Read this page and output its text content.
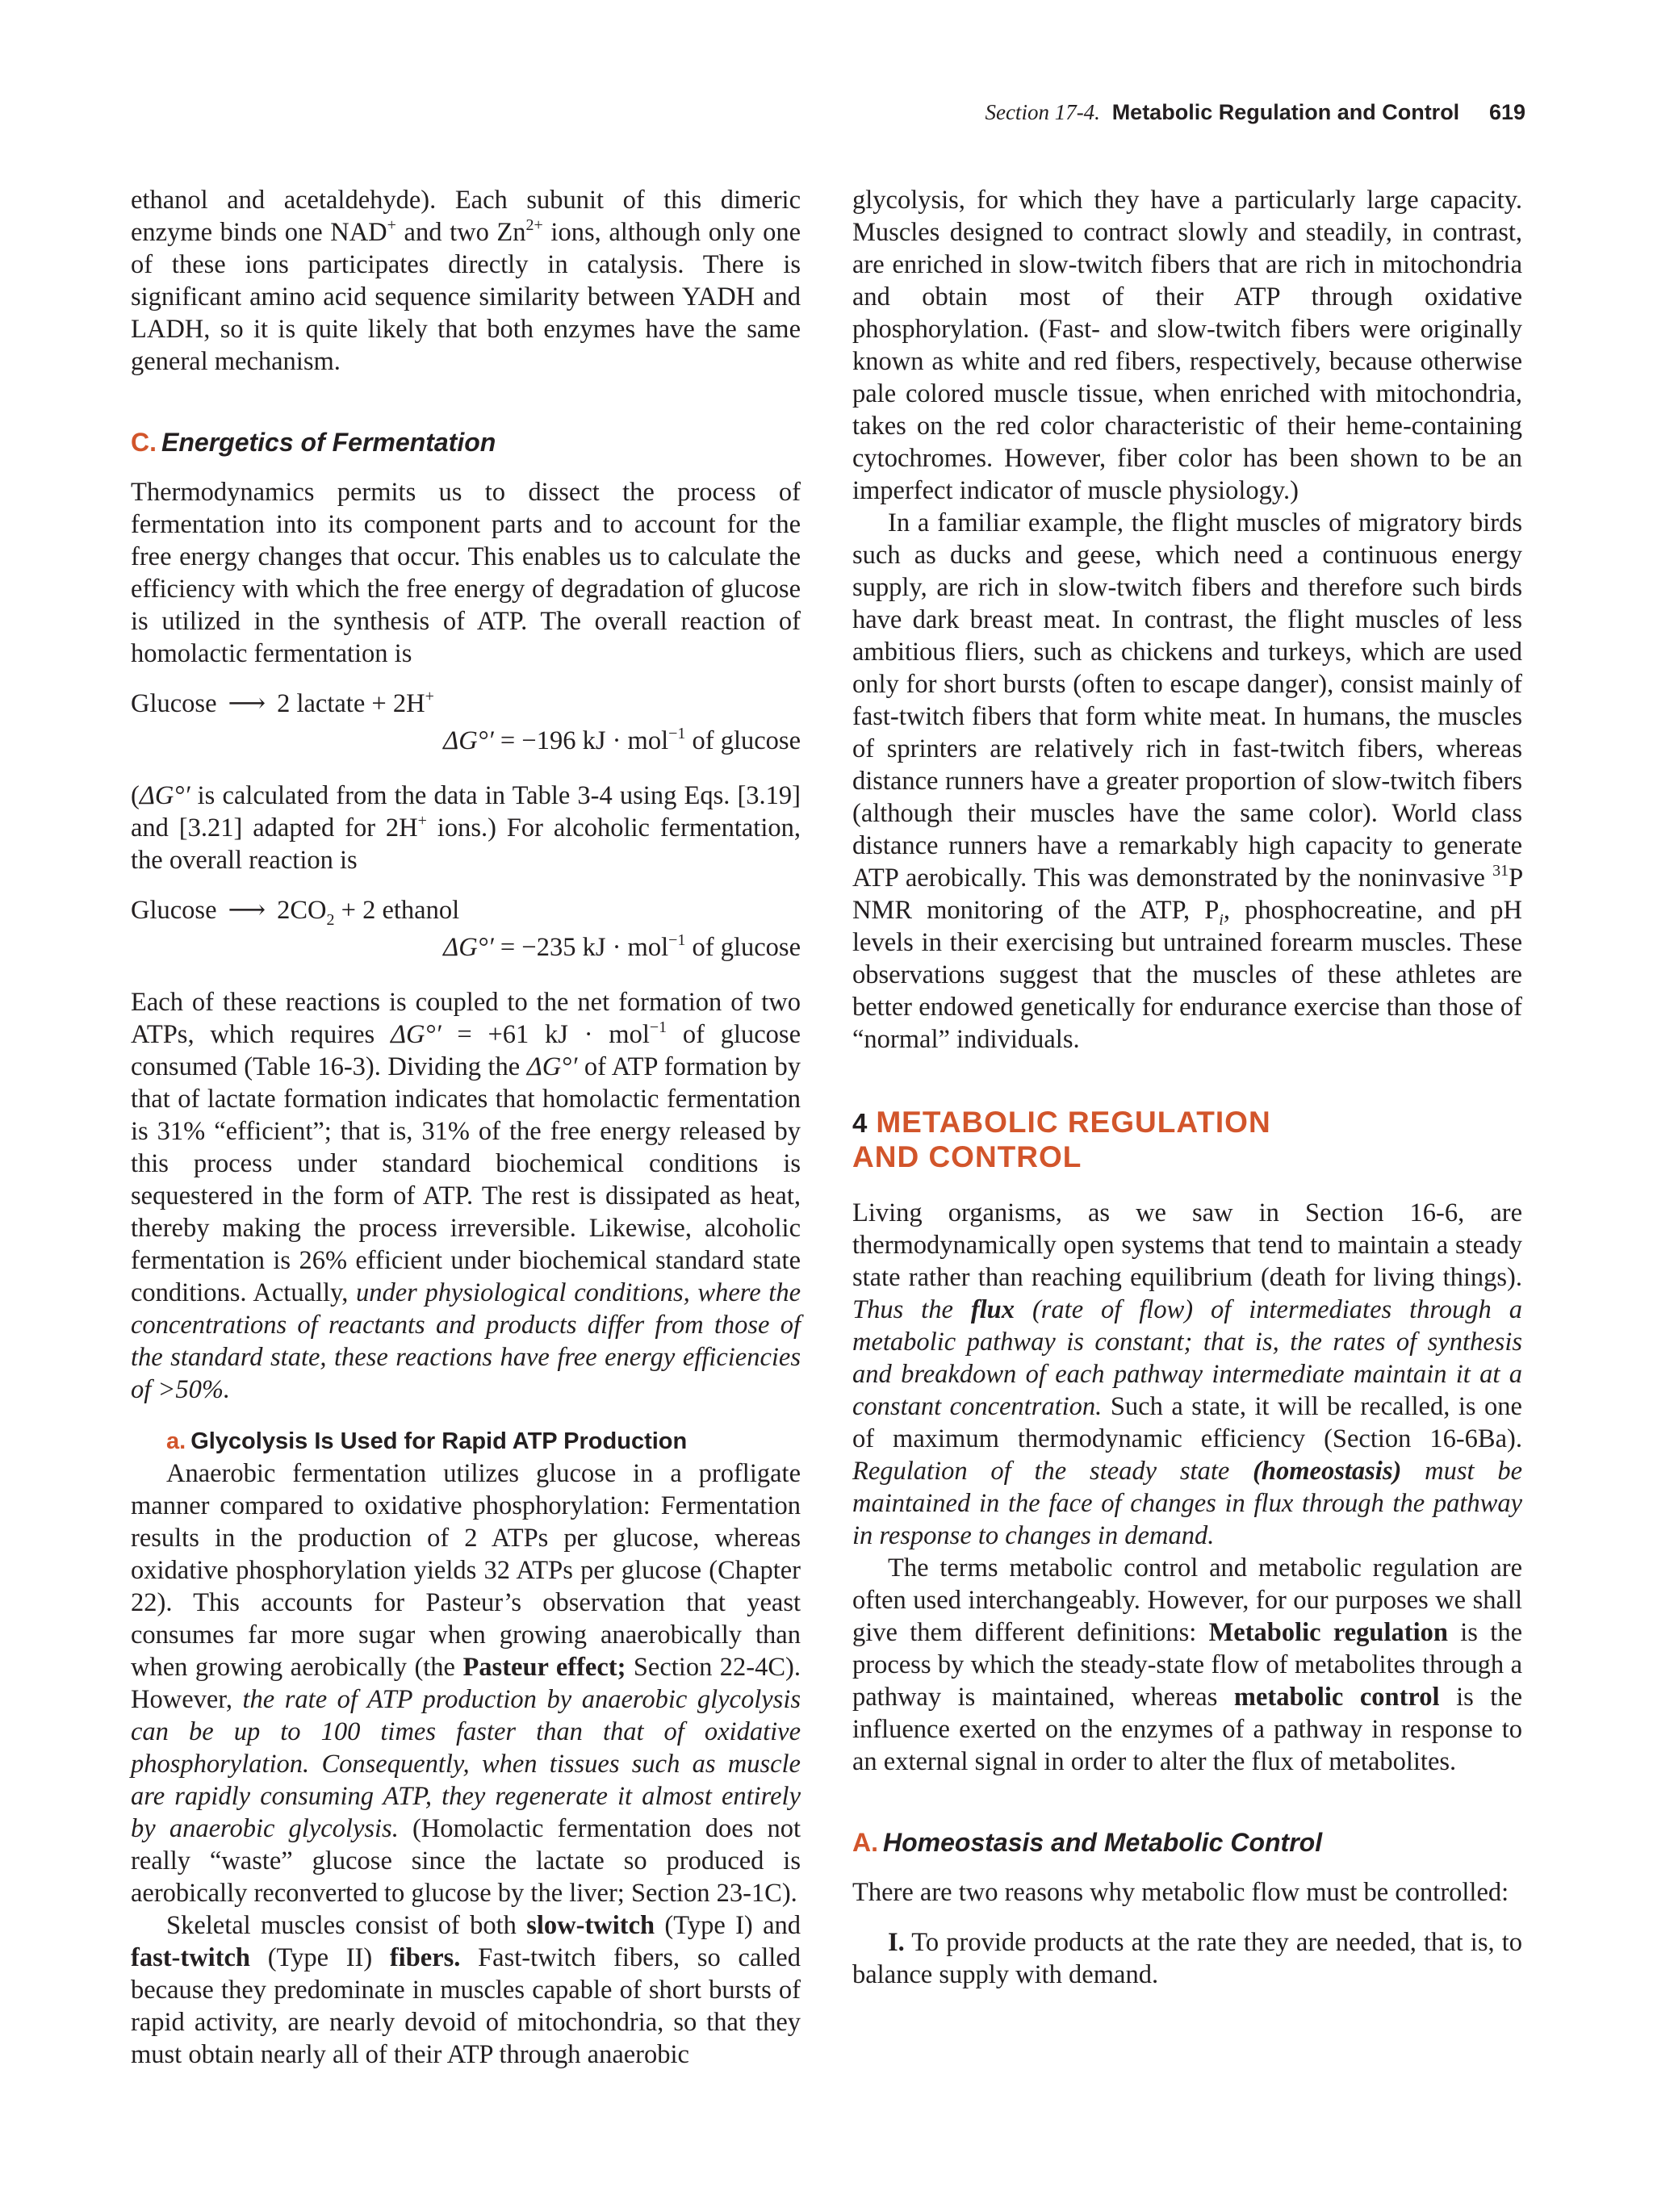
Section 17-4. Metabolic Regulation and Control 619

ethanol and acetaldehyde). Each subunit of this dimeric enzyme binds one NAD+ and two $Zn^{2+}$ ions, although only one of these ions participates directly in catalysis. There is significant amino acid sequence similarity between YADH and LADH, so it is quite likely that both enzymes have the same general mechanism.

C. Energetics of Fermentation

Thermodynamics permits us to dissect the process of fermentation into its component parts and to account for the free energy changes that occur. This enables us to calculate the efficiency with which the free energy of degradation of glucose is utilized in the synthesis of ATP. The overall reaction of homolactic fermentation is

Glucose ⟶ 2 lactate + 2H+
ΔG°′ = −196 kJ · mol$^{-1}$ of glucose

(ΔG°′ is calculated from the data in Table 3-4 using Eqs. [3.19] and [3.21] adapted for 2H+ ions.) For alcoholic fermentation, the overall reaction is

Glucose ⟶ $2CO_2 + 2$ ethanol
ΔG°′ = −235 kJ · mol$^{-1}$ of glucose

Each of these reactions is coupled to the net formation of two ATPs, which requires ΔG°′ = +61 kJ · mol$^{-1}$ of glucose consumed (Table 16-3). Dividing the ΔG°′ of ATP formation by that of lactate formation indicates that homolactic fermentation is 31% “efficient”; that is, 31% of the free energy released by this process under standard biochemical conditions is sequestered in the form of ATP. The rest is dissipated as heat, thereby making the process irreversible. Likewise, alcoholic fermentation is 26% efficient under biochemical standard state conditions. Actually, under physiological conditions, where the concentrations of reactants and products differ from those of the standard state, these reactions have free energy efficiencies of >50%.

a. Glycolysis Is Used for Rapid ATP Production

Anaerobic fermentation utilizes glucose in a profligate manner compared to oxidative phosphorylation: Fermentation results in the production of 2 ATPs per glucose, whereas oxidative phosphorylation yields 32 ATPs per glucose (Chapter 22). This accounts for Pasteur’s observation that yeast consumes far more sugar when growing anaerobically than when growing aerobically (the Pasteur effect; Section 22-4C). However, the rate of ATP production by anaerobic glycolysis can be up to 100 times faster than that of oxidative phosphorylation. Consequently, when tissues such as muscle are rapidly consuming ATP, they regenerate it almost entirely by anaerobic glycolysis. (Homolactic fermentation does not really “waste” glucose since the lactate so produced is aerobically reconverted to glucose by the liver; Section 23-1C).

Skeletal muscles consist of both slow-twitch (Type I) and fast-twitch (Type II) fibers. Fast-twitch fibers, so called because they predominate in muscles capable of short bursts of rapid activity, are nearly devoid of mitochondria, so that they must obtain nearly all of their ATP through anaerobic

glycolysis, for which they have a particularly large capacity. Muscles designed to contract slowly and steadily, in contrast, are enriched in slow-twitch fibers that are rich in mitochondria and obtain most of their ATP through oxidative phosphorylation. (Fast- and slow-twitch fibers were originally known as white and red fibers, respectively, because otherwise pale colored muscle tissue, when enriched with mitochondria, takes on the red color characteristic of their heme-containing cytochromes. However, fiber color has been shown to be an imperfect indicator of muscle physiology.)

In a familiar example, the flight muscles of migratory birds such as ducks and geese, which need a continuous energy supply, are rich in slow-twitch fibers and therefore such birds have dark breast meat. In contrast, the flight muscles of less ambitious fliers, such as chickens and turkeys, which are used only for short bursts (often to escape danger), consist mainly of fast-twitch fibers that form white meat. In humans, the muscles of sprinters are relatively rich in fast-twitch fibers, whereas distance runners have a greater proportion of slow-twitch fibers (although their muscles have the same color). World class distance runners have a remarkably high capacity to generate ATP aerobically. This was demonstrated by the noninvasive $^{31}$P NMR monitoring of the ATP, $P_i$, phosphocreatine, and pH levels in their exercising but untrained forearm muscles. These observations suggest that the muscles of these athletes are better endowed genetically for endurance exercise than those of “normal” individuals.

4 METABOLIC REGULATION
AND CONTROL

Living organisms, as we saw in Section 16-6, are thermodynamically open systems that tend to maintain a steady state rather than reaching equilibrium (death for living things). Thus the flux (rate of flow) of intermediates through a metabolic pathway is constant; that is, the rates of synthesis and breakdown of each pathway intermediate maintain it at a constant concentration. Such a state, it will be recalled, is one of maximum thermodynamic efficiency (Section 16-6Ba). Regulation of the steady state (homeostasis) must be maintained in the face of changes in flux through the pathway in response to changes in demand.

The terms metabolic control and metabolic regulation are often used interchangeably. However, for our purposes we shall give them different definitions: Metabolic regulation is the process by which the steady-state flow of metabolites through a pathway is maintained, whereas metabolic control is the influence exerted on the enzymes of a pathway in response to an external signal in order to alter the flux of metabolites.

A. Homeostasis and Metabolic Control

There are two reasons why metabolic flow must be controlled:

I. To provide products at the rate they are needed, that is, to balance supply with demand.
